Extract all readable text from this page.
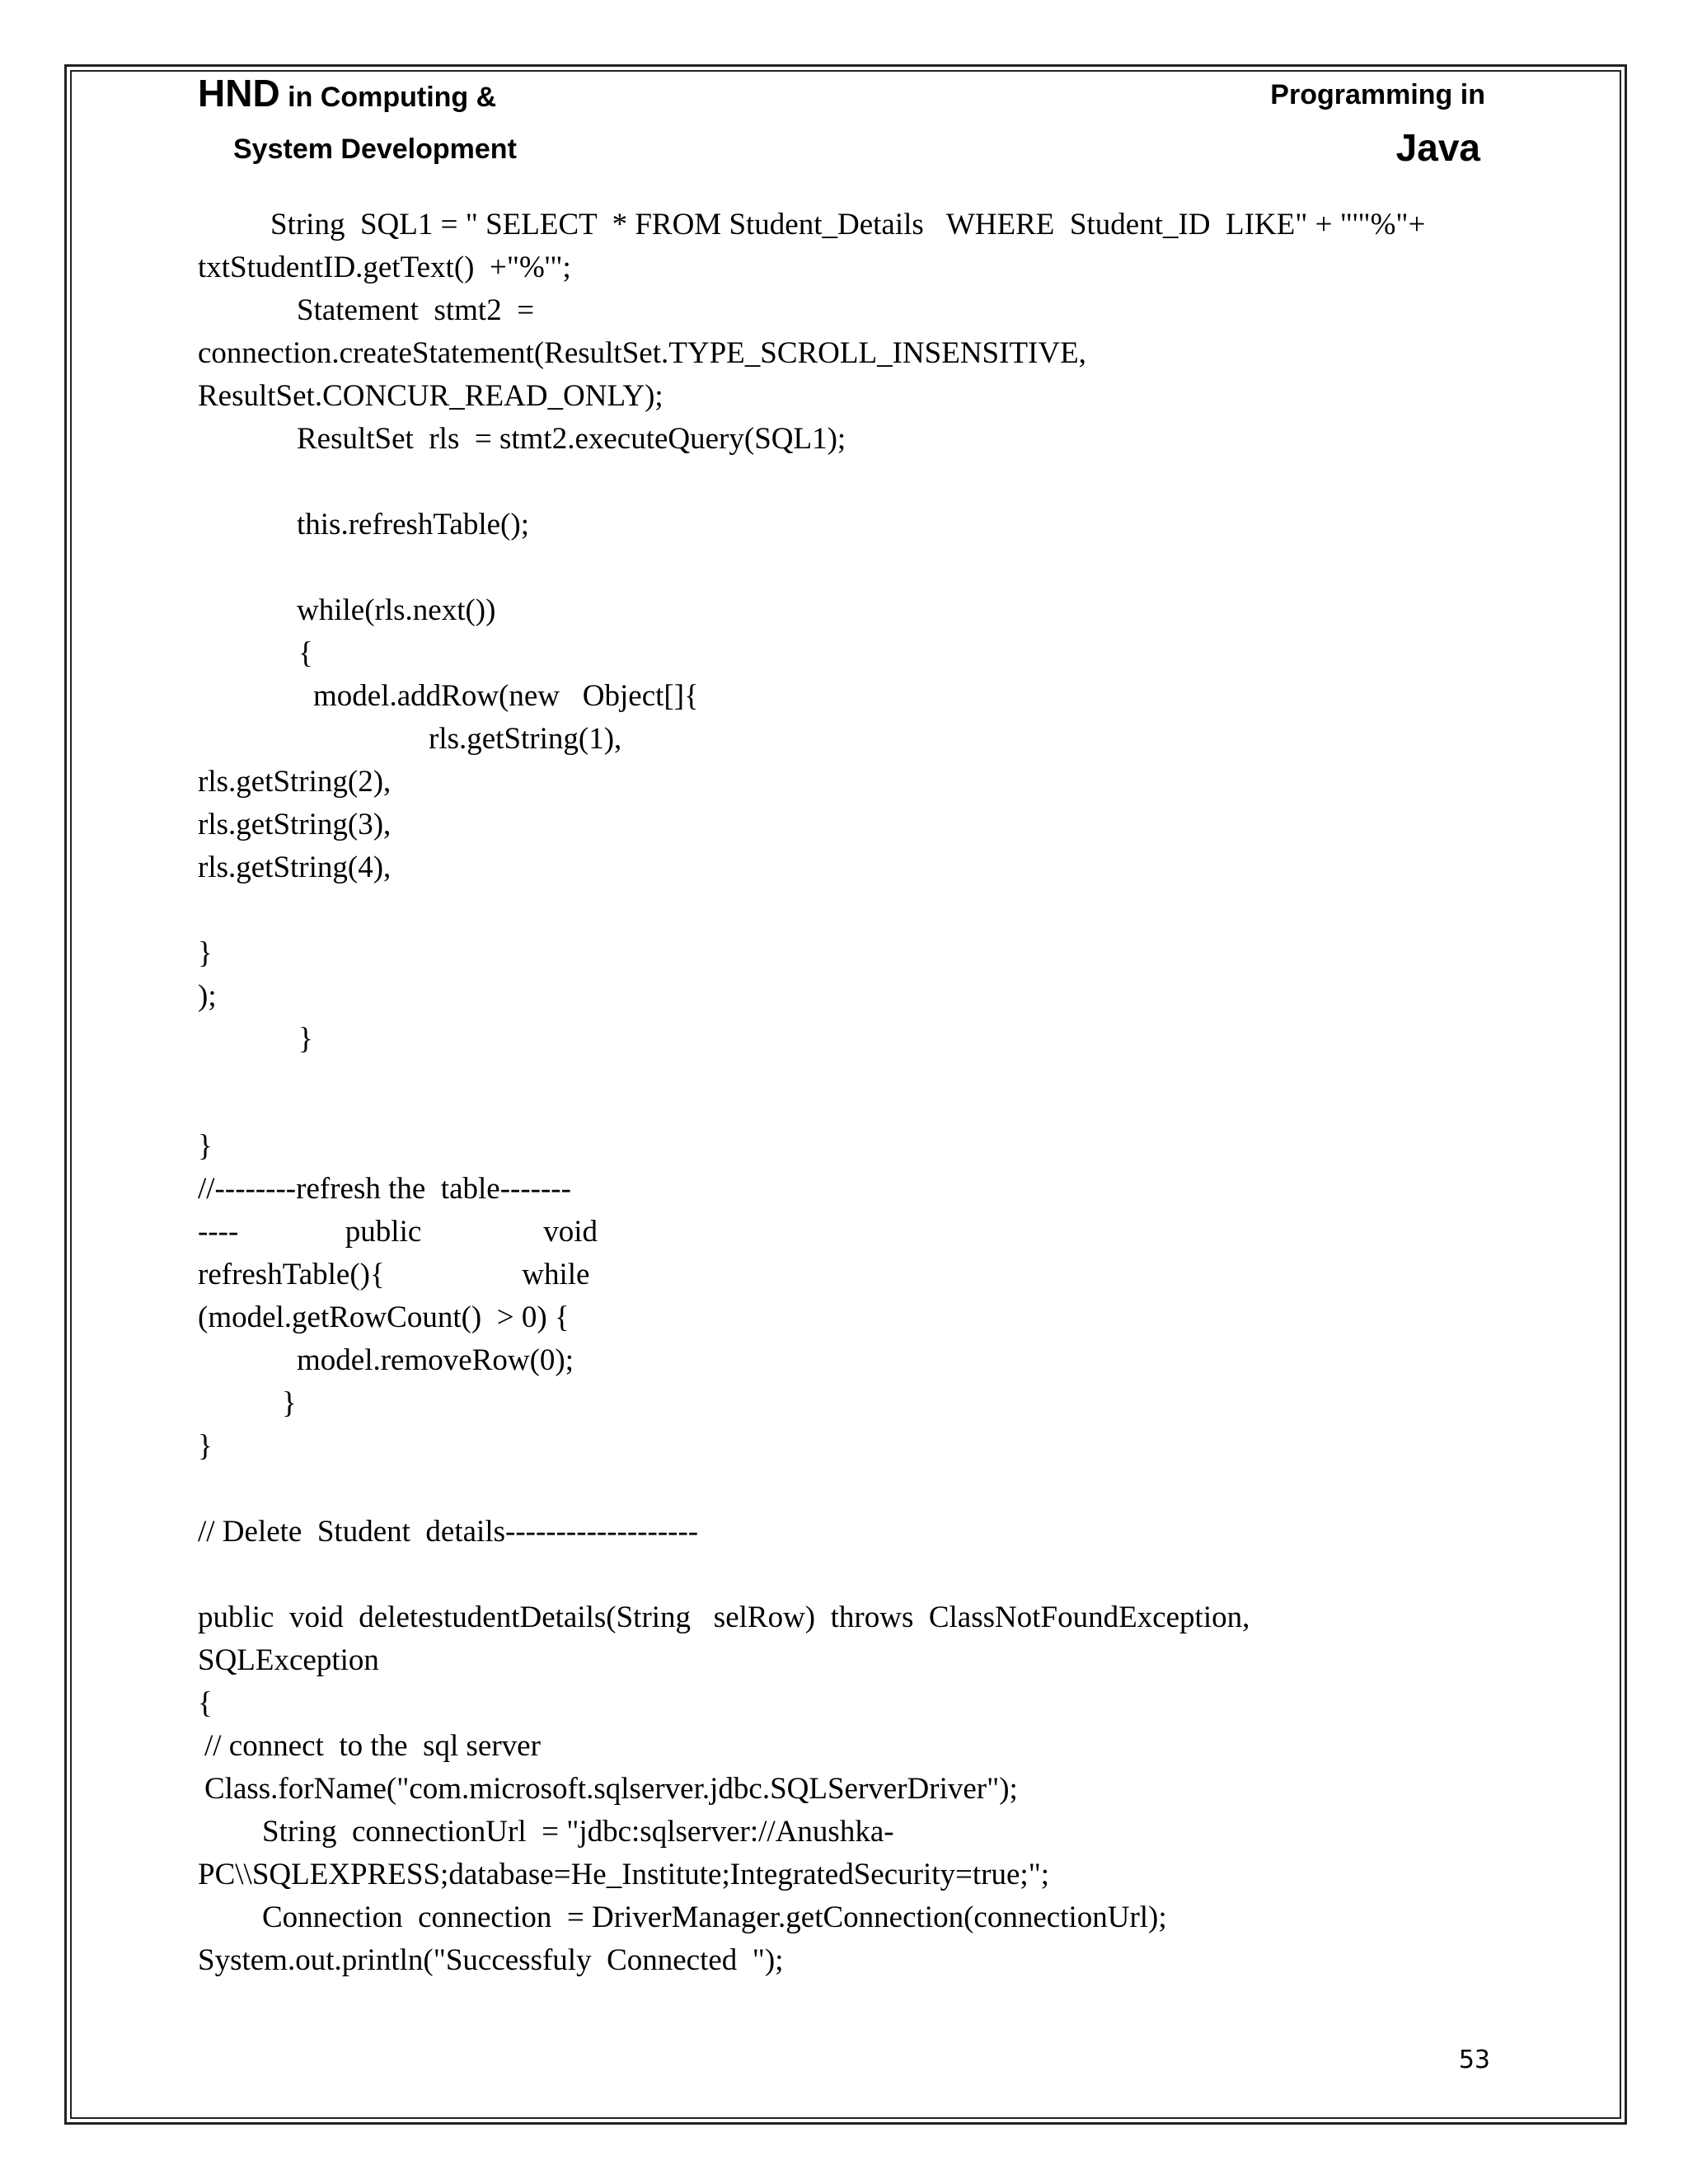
HND in Computing &
System Development
Programming in
Java
String  SQL1 = " SELECT  * FROM Student_Details   WHERE  Student_ID  LIKE" + "'"%"+
txtStudentID.getText()  +"%'";
Statement  stmt2  =
connection.createStatement(ResultSet.TYPE_SCROLL_INSENSITIVE,
ResultSet.CONCUR_READ_ONLY);
ResultSet  rls  = stmt2.executeQuery(SQL1);
this.refreshTable();
while(rls.next())
{
model.addRow(new   Object[]{
rls.getString(1),
rls.getString(2),
rls.getString(3),
rls.getString(4),
}
);
}
}
//--------refresh the  table-------
----              public                void
refreshTable(){                  while
(model.getRowCount()  > 0) {
model.removeRow(0);
}
}
// Delete  Student  details-------------------
public  void  deletestudentDetails(String   selRow)  throws  ClassNotFoundException,
SQLException
{
// connect  to the  sql server
Class.forName("com.microsoft.sqlserver.jdbc.SQLServerDriver");
String  connectionUrl  = "jdbc:sqlserver://Anushka-
PC\\SQLEXPRESS;database=He_Institute;IntegratedSecurity=true;";
Connection  connection  = DriverManager.getConnection(connectionUrl);
System.out.println("Successfuly  Connected  ");
53
